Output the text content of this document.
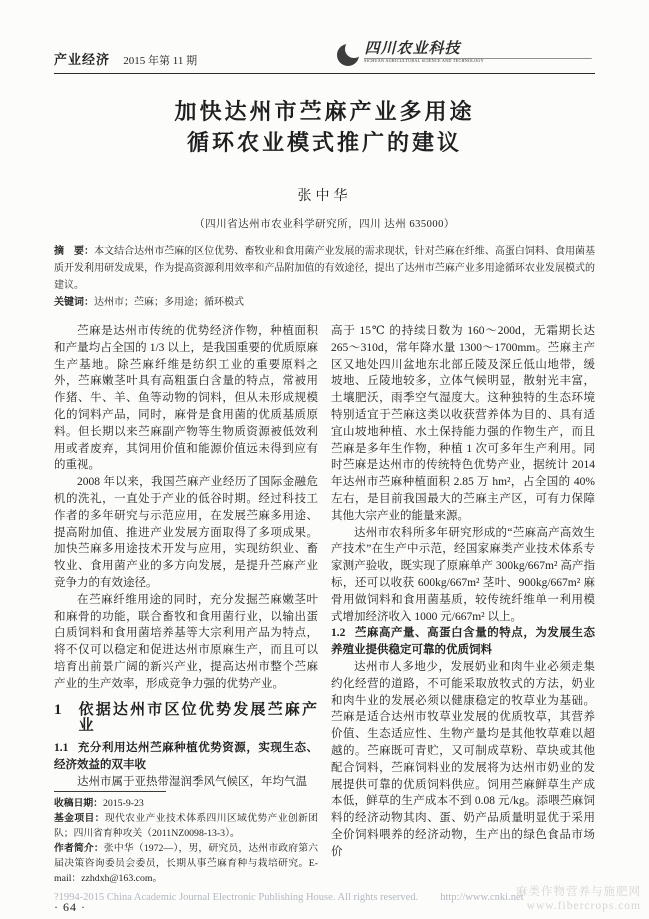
产业经济 2015 年第 11 期
四川农业科技
SICHUAN AGRICULTURAL SCIENCE AND TECHNOLOGY
加快达州市苎麻产业多用途
循环农业模式推广的建议
张中华
（四川省达州市农业科学研究所，四川 达州 635000）

摘　要：本文结合达州市苎麻的区位优势、畜牧业和食用菌产业发展的需求现状，针对苎麻在纤维、高蛋白饲料、食用菌基质开发利用研发成果，作为提高资源利用效率和产品附加值的有效途径，提出了达州市苎麻产业多用途循环农业发展模式的建议。

关键词：达州市；苎麻；多用途；循环模式

苎麻是达州市传统的优势经济作物，种植面积和产量均占全国的 1/3 以上，是我国重要的优质原麻生产基地。除苎麻纤维是纺织工业的重要原料之外，苎麻嫩茎叶具有高粗蛋白含量的特点，常被用作猪、牛、羊、鱼等动物的饲料，但从未形成规模化的饲料产品，同时，麻骨是食用菌的优质基质原料。但长期以来苎麻副产物等生物质资源被低效利用或者废弃，其饲用价值和能源价值远未得到应有的重视。

2008 年以来，我国苎麻产业经历了国际金融危机的洗礼，一直处于产业的低谷时期。经过科技工作者的多年研究与示范应用，在发展苎麻多用途、提高附加值、推进产业发展方面取得了多项成果。加快苎麻多用途技术开发与应用，实现纺织业、畜牧业、食用菌产业的多方向发展，是提升苎麻产业竞争力的有效途径。

在苎麻纤维用途的同时，充分发掘苎麻嫩茎叶和麻骨的功能，联合畜牧和食用菌行业，以输出蛋白质饲料和食用菌培养基等大宗利用产品为特点，将不仅可以稳定和促进达州市原麻生产，而且可以培育出前景广阔的新兴产业，提高达州市整个苎麻产业的生产效率，形成竞争力强的优势产业。

1 依据达州市区位优势发展苎麻产业

1.1 充分利用达州苎麻种植优势资源，实现生态、经济效益的双丰收

达州市属于亚热带湿润季风气候区，年均气温

收稿日期：2015-9-23

基金项目：现代农业产业技术体系四川区域优势产业创新团队；四川省育种攻关（2011NZ0098-13-3）。

作者简介：张中华（1972—），男，研究员，达州市政府第六届决策咨询委员会委员，长期从事苎麻育种与栽培研究。E-mail：zzhdxh@163.com。

· 64 ·

高于 15℃ 的持续日数为 160～200d，无霜期长达 265～310d，常年降水量 1300～1700mm。苎麻主产区又地处四川盆地东北部丘陵及深丘低山地带，缓坡地、丘陵地较多，立体气候明显，散射光丰富，土壤肥沃，雨季空气湿度大。这种独特的生态环境特别适宜于苎麻这类以收获营养体为目的、具有适宜山坡地种植、水土保持能力强的作物生产，而且苎麻是多年生作物，种植 1 次可多年生产利用。同时苎麻是达州市的传统特色优势产业，据统计 2014 年达州市苎麻种植面积 2.85 万 hm²，占全国的 40% 左右，是目前我国最大的苎麻主产区，可有力保障其他大宗产业的能量来源。

达州市农科所多年研究形成的“苎麻高产高效生产技术”在生产中示范，经国家麻类产业技术体系专家测产验收，既实现了原麻单产 300kg/667m² 高产指标，还可以收获 600kg/667m² 茎叶、900kg/667m² 麻骨用做饲料和食用菌基质，较传统纤维单一利用模式增加经济收入 1000 元/667m² 以上。

1.2 苎麻高产量、高蛋白含量的特点，为发展生态养殖业提供稳定可靠的优质饲料

达州市人多地少，发展奶业和肉牛业必须走集约化经营的道路，不可能采取放牧式的方法，奶业和肉牛业的发展必须以健康稳定的牧草业为基础。苎麻是适合达州市牧草业发展的优质牧草，其营养价值、生态适应性、生物产量均是其他牧草难以超越的。苎麻既可青贮，又可制成草粉、草块或其他配合饲料，苎麻饲料业的发展将为达州市奶业的发展提供可靠的优质饲料供应。饲用苎麻鲜草生产成本低，鲜草的生产成本不到 0.08 元/kg。添喂苎麻饲料的经济动物其肉、蛋、奶产品质量明显优于采用全价饲料喂养的经济动物，生产出的绿色食品市场价

?1994-2015 China Academic Journal Electronic Publishing House. All rights reserved. http://www.cnki.net
麻类作物营养与施肥网
www.fibercrops.com
